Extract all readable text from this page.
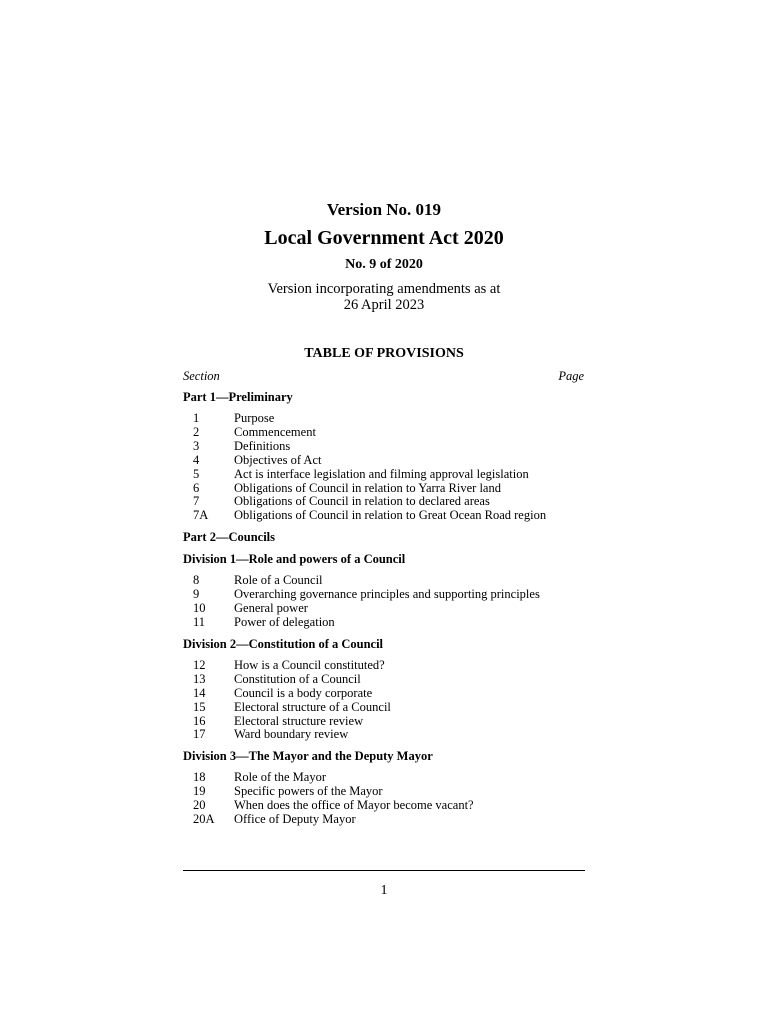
Version No. 019
Local Government Act 2020
No. 9 of 2020
Version incorporating amendments as at
26 April 2023
TABLE OF PROVISIONS
Section	Page
Part 1—Preliminary
1	Purpose
2	Commencement
3	Definitions
4	Objectives of Act
5	Act is interface legislation and filming approval legislation
6	Obligations of Council in relation to Yarra River land
7	Obligations of Council in relation to declared areas
7A	Obligations of Council in relation to Great Ocean Road region
Part 2—Councils
Division 1—Role and powers of a Council
8	Role of a Council
9	Overarching governance principles and supporting principles
10	General power
11	Power of delegation
Division 2—Constitution of a Council
12	How is a Council constituted?
13	Constitution of a Council
14	Council is a body corporate
15	Electoral structure of a Council
16	Electoral structure review
17	Ward boundary review
Division 3—The Mayor and the Deputy Mayor
18	Role of the Mayor
19	Specific powers of the Mayor
20	When does the office of Mayor become vacant?
20A	Office of Deputy Mayor
1
